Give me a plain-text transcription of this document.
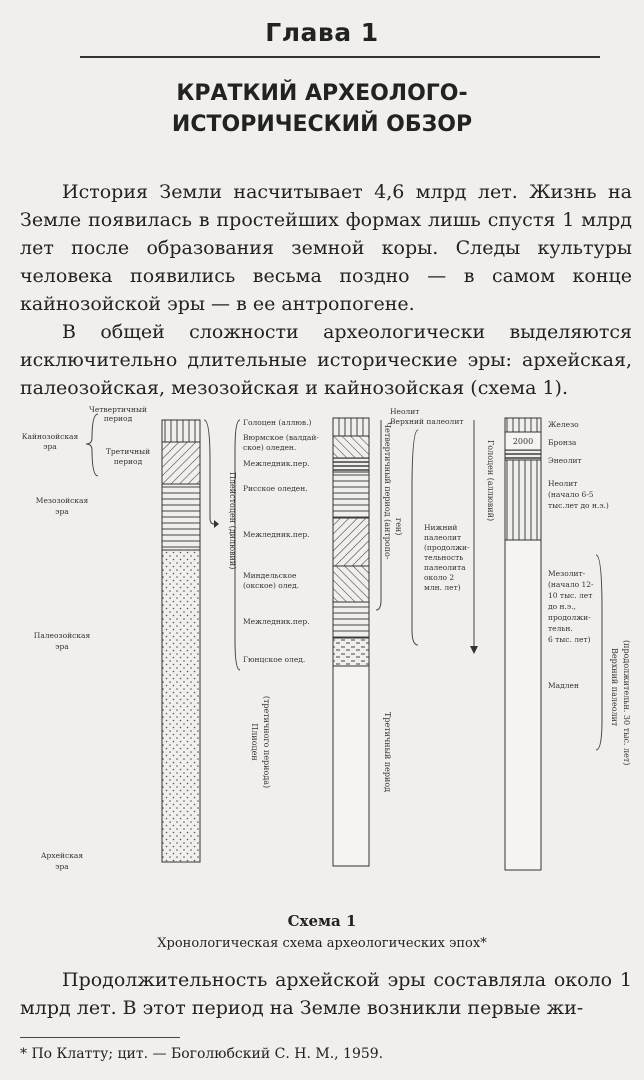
Глава 1
КРАТКИЙ АРХЕОЛОГО-
ИСТОРИЧЕСКИЙ ОБЗОР

История Земли насчитывает 4,6 млрд лет. Жизнь на Земле появилась в простейших формах лишь спустя 1 млрд лет после образования земной коры. Следы культуры человека появились весьма поздно — в самом конце кайнозойской эры — в ее антропогене.

В общей сложности археологически выделяются исключительно длительные исторические эры: архейская, палеозойская, мезозойская и кайнозойская (схема 1).

Четвертичный
период
Кайнозойская
эра
Третичный
период
Мезозойская
эра
Палеозойская
эра
Архейская
эра
Плейстоцен (дилювий)
Плиоцен (третичного периода)
Голоцен (аллюв.)
Вюрмское (валдай-
ское) оледен.
Межледник.пер.
Рисское оледен.
Межледник.пер.
Миндельское
(окское) олед.
Межледник.пер.
Гюнцское олед.
Четвертичный период (антропо- ген)
Третичный период
Неолит
Верхний палеолит
Нижний
палеолит
(продолжи-
тельность
палеолита
около 2
млн. лет)
Голоцен (аллювий) 2000
Железо
Бронза
Энеолит
Неолит
(начало 6-5
тыс.лет до н.э.)
Мезолит-
(начало 12-
10 тыс. лет
до н.э.,
продолжи-
тельн.
6 тыс. лет)
Мадлен	Верхний палеолит (продолжительн. 30 тыс. лет)
Схема 1
Хронологическая схема археологических эпох*

Продолжительность архейской эры составляла около 1 млрд лет. В этот период на Земле возникли первые жи-

* По Клатту; цит. — Боголюбский С. Н. М., 1959.
